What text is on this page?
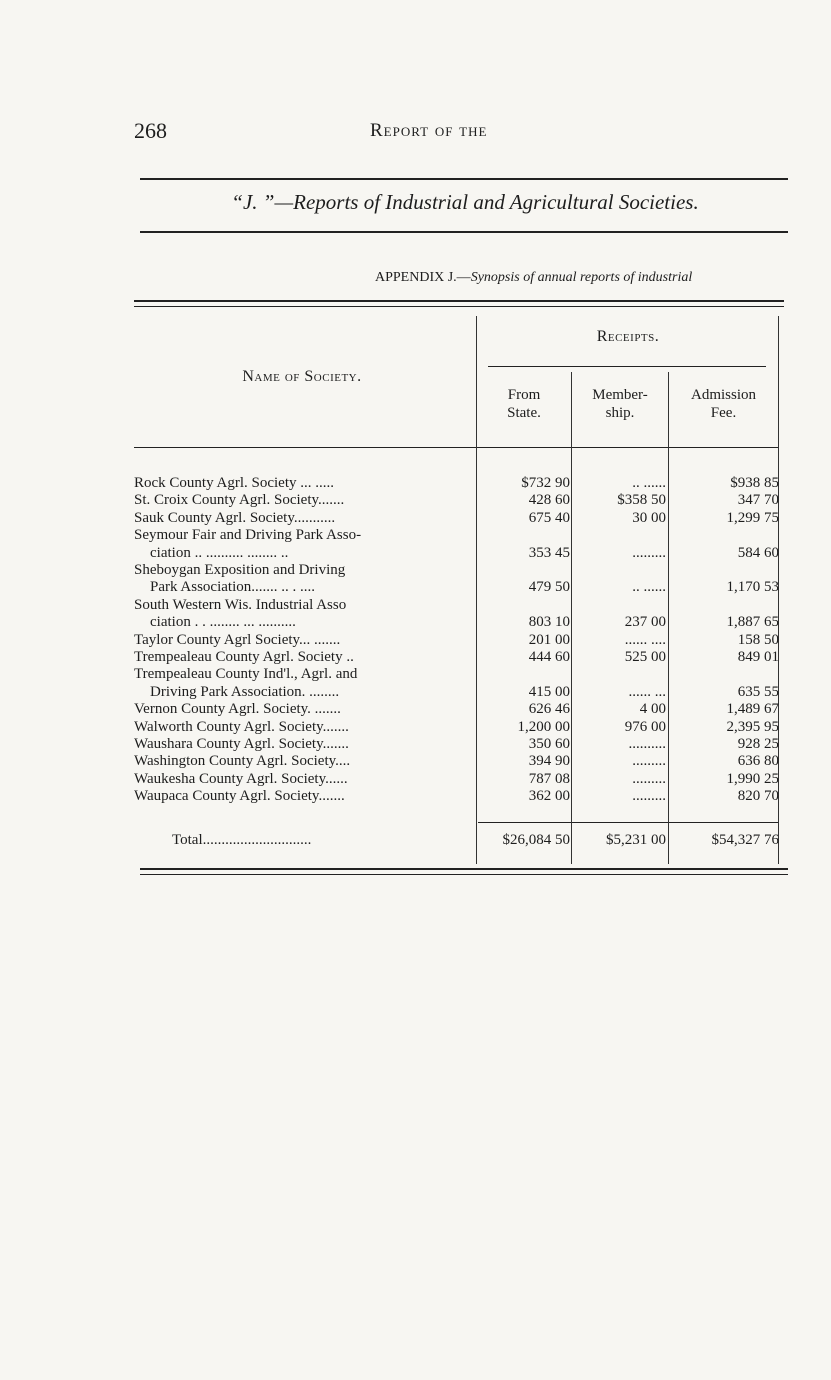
268	Report of the
“J. ”—Reports of Industrial and Agricultural Societies.
APPENDIX J.—Synopsis of annual reports of industrial
Name of Society.
Receipts.
From
State.
Member-
ship.
Admission
Fee.
Rock County Agrl. Society ... .....	$732 90	.. ......	$938 85
St. Croix County Agrl. Society.......	428 60	$358 50	347 70
Sauk County Agrl. Society...........	675 40	30 00	1,299 75
Seymour Fair and Driving Park Asso-
ciation .. .......... ........ ..	353 45	.........	584 60
Sheboygan Exposition and Driving
Park Association....... .. . ....	479 50	.. ......	1,170 53
South Western Wis. Industrial Asso
ciation . . ........ ... ..........	803 10	237 00	1,887 65
Taylor County Agrl Society... .......	201 00	...... ....	158 50
Trempealeau County Agrl. Society ..	444 60	525 00	849 01
Trempealeau County Ind'l., Agrl. and
Driving Park Association. ........	415 00	...... ...	635 55
Vernon County Agrl. Society. .......	626 46	4 00	1,489 67
Walworth County Agrl. Society.......	1,200 00	976 00	2,395 95
Waushara County Agrl. Society.......	350 60	..........	928 25
Washington County Agrl. Society....	394 90	.........	636 80
Waukesha County Agrl. Society......	787 08	.........	1,990 25
Waupaca County Agrl. Society.......	362 00	.........	820 70
Total.............................	$26,084 50	$5,231 00	$54,327 76
